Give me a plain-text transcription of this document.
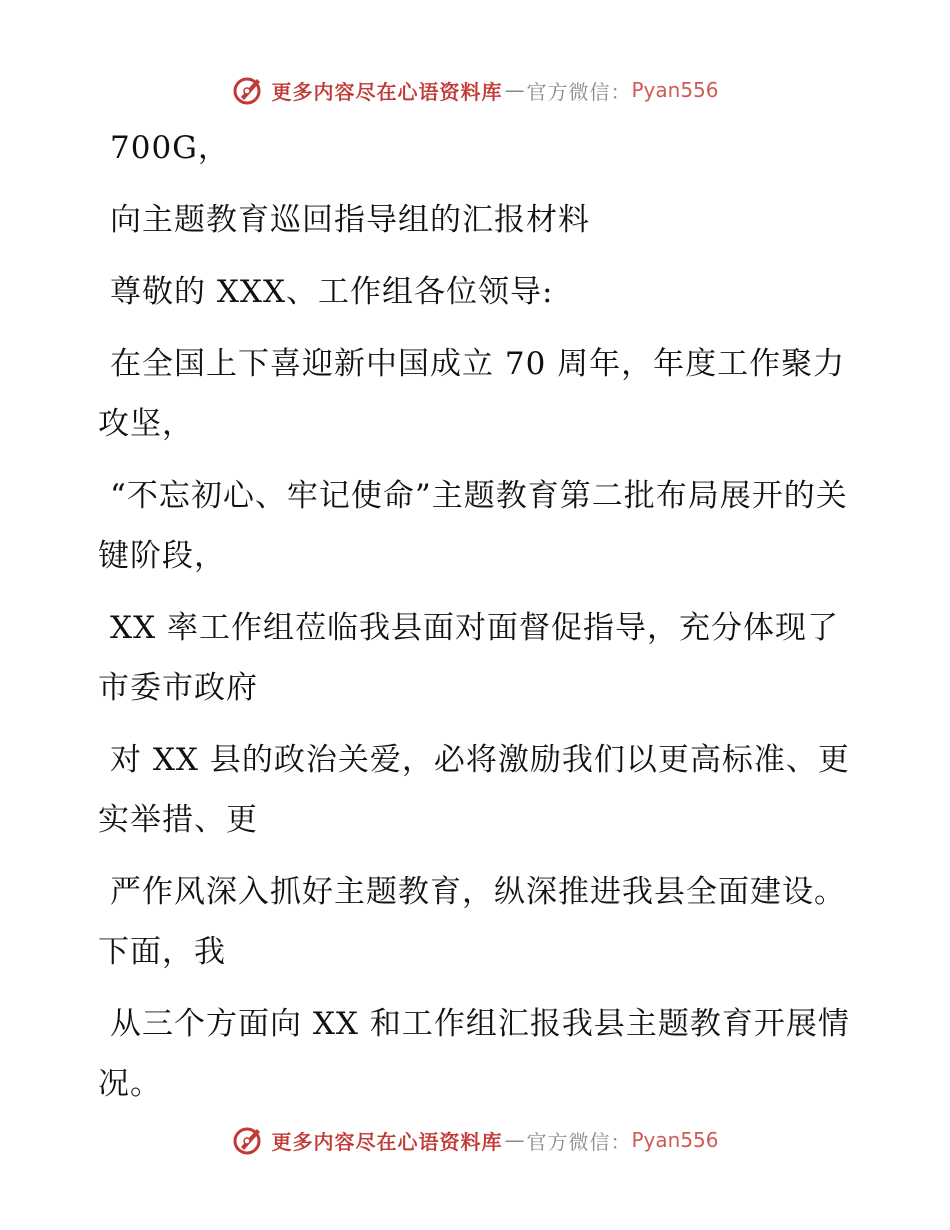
更多内容尽在心语资料库 — 官方微信： Pyan556

700G，

向主题教育巡回指导组的汇报材料

尊敬的 XXX、工作组各位领导:

在全国上下喜迎新中国成立 70 周年，年度工作聚力攻坚，

“不忘初心、牢记使命”主题教育第二批布局展开的关键阶段，

XX 率工作组莅临我县面对面督促指导，充分体现了市委市政府

对 XX 县的政治关爱，必将激励我们以更高标准、更实举措、更

严作风深入抓好主题教育，纵深推进我县全面建设。下面，我

从三个方面向 XX 和工作组汇报我县主题教育开展情况。

更多内容尽在心语资料库 — 官方微信： Pyan556
